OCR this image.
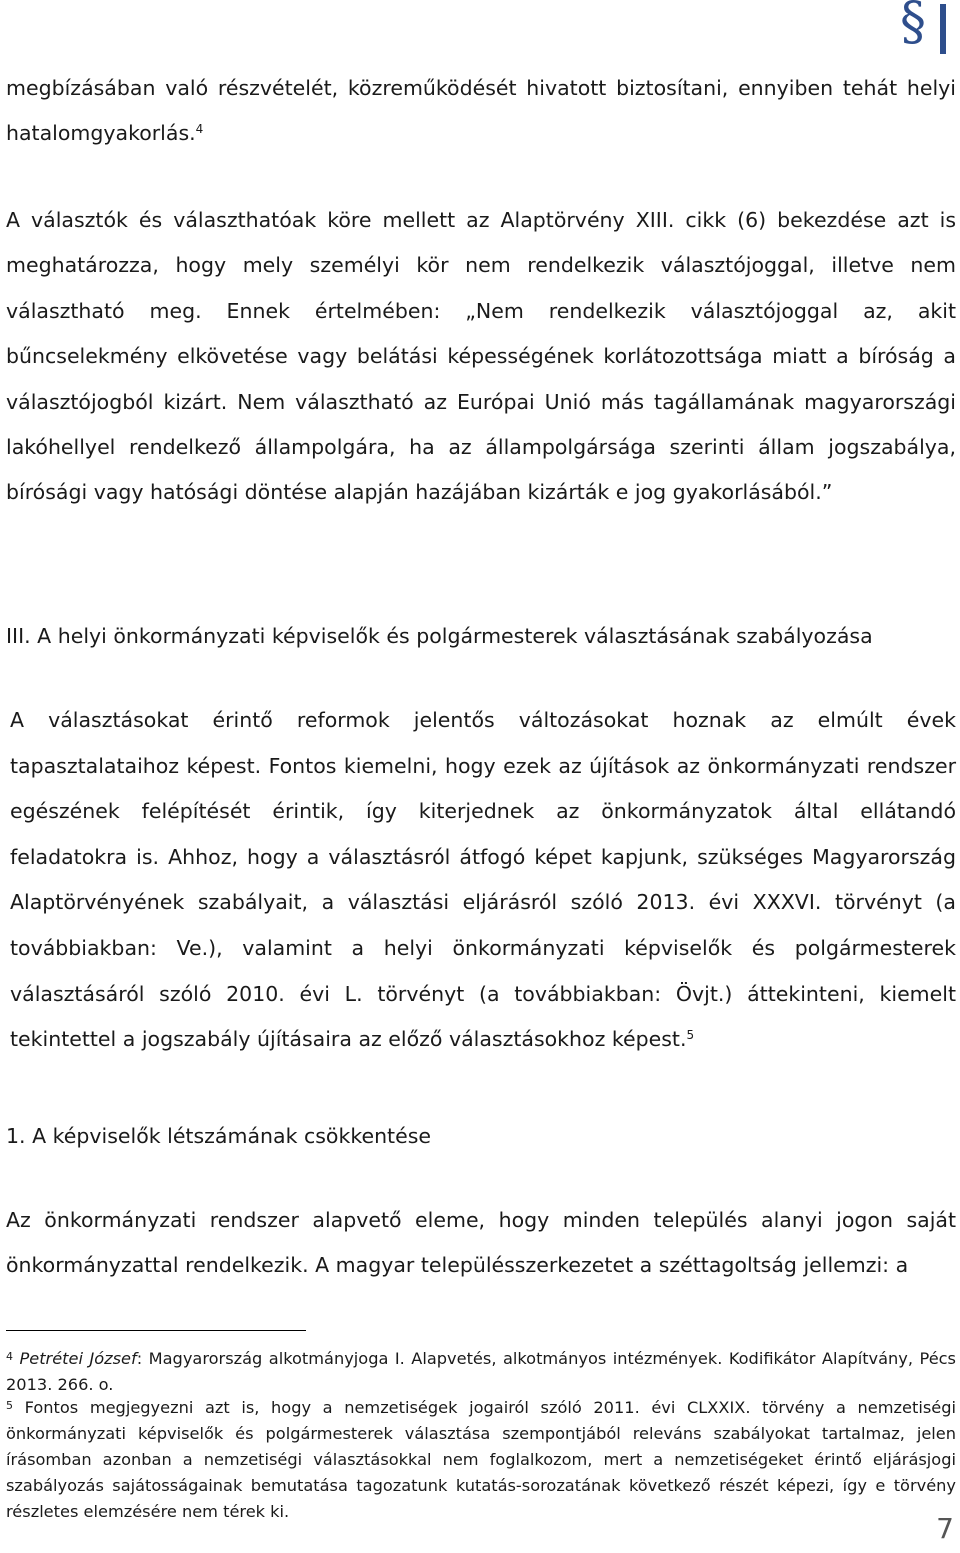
§

megbízásában való részvételét, közreműködését hivatott biztosítani, ennyiben tehát helyi hatalomgyakorlás.$^4$

A választók és választhatóak köre mellett az Alaptörvény XIII. cikk (6) bekezdése azt is meghatározza, hogy mely személyi kör nem rendelkezik választójoggal, illetve nem választható meg. Ennek értelmében: „Nem rendelkezik választójoggal az, akit bűncselekmény elkövetése vagy belátási képességének korlátozottsága miatt a bíróság a választójogból kizárt. Nem választható az Európai Unió más tagállamának magyarországi lakóhellyel rendelkező állampolgára, ha az állampolgársága szerinti állam jogszabálya, bírósági vagy hatósági döntése alapján hazájában kizárták e jog gyakorlásából.”

III. A helyi önkormányzati képviselők és polgármesterek választásának szabályozása

A választásokat érintő reformok jelentős változásokat hoznak az elmúlt évek tapasztalataihoz képest. Fontos kiemelni, hogy ezek az újítások az önkormányzati rendszer egészének felépítését érintik, így kiterjednek az önkormányzatok által ellátandó feladatokra is. Ahhoz, hogy a választásról átfogó képet kapjunk, szükséges Magyarország Alaptörvényének szabályait, a választási eljárásról szóló 2013. évi XXXVI. törvényt (a továbbiakban: Ve.), valamint a helyi önkormányzati képviselők és polgármesterek választásáról szóló 2010. évi L. törvényt (a továbbiakban: Övjt.) áttekinteni, kiemelt tekintettel a jogszabály újításaira az előző választásokhoz képest.$^5$

1. A képviselők létszámának csökkentése

Az önkormányzati rendszer alapvető eleme, hogy minden település alanyi jogon saját önkormányzattal rendelkezik. A magyar településszerkezetet a széttagoltság jellemzi: a

$^4$ Petrétei József: Magyarország alkotmányjoga I. Alapvetés, alkotmányos intézmények. Kodifikátor Alapítvány, Pécs 2013. 266. o.

$^5$ Fontos megjegyezni azt is, hogy a nemzetiségek jogairól szóló 2011. évi CLXXIX. törvény a nemzetiségi önkormányzati képviselők és polgármesterek választása szempontjából releváns szabályokat tartalmaz, jelen írásomban azonban a nemzetiségi választásokkal nem foglalkozom, mert a nemzetiségeket érintő eljárásjogi szabályozás sajátosságainak bemutatása tagozatunk kutatás-sorozatának következő részét képezi, így e törvény részletes elemzésére nem térek ki.

7
